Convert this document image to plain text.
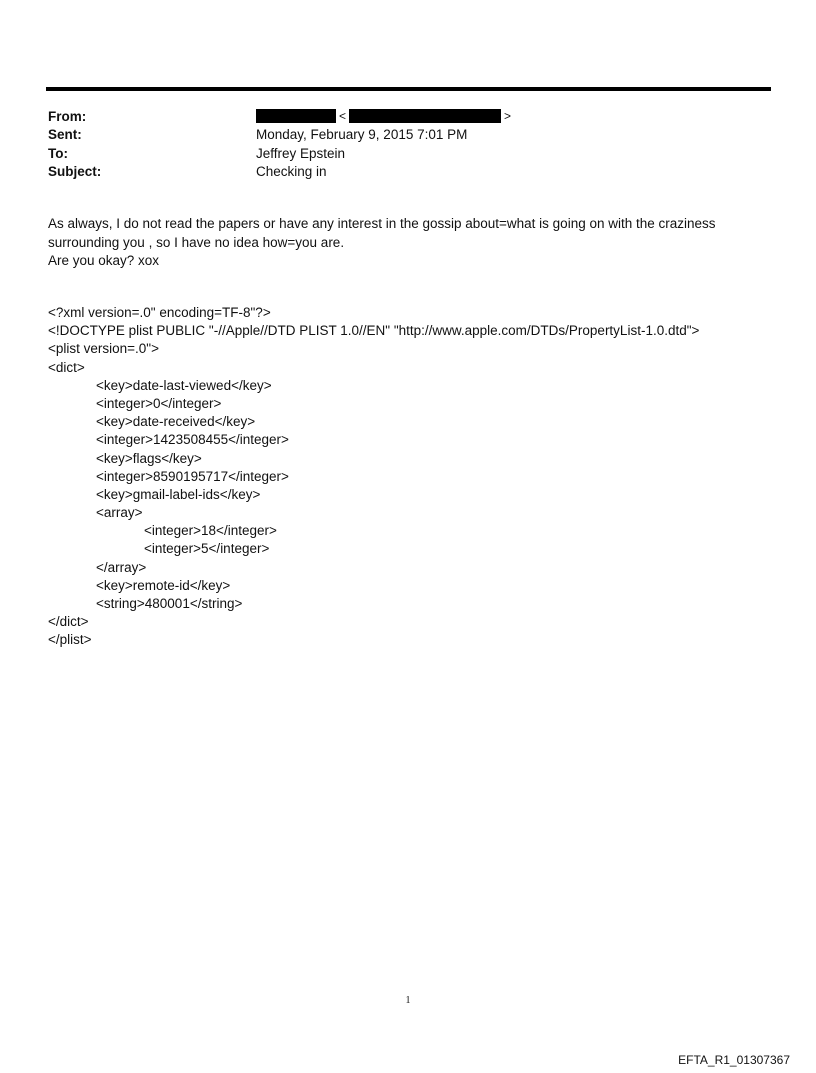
From:	<	>
Sent:	Monday, February 9, 2015 7:01 PM
To:	Jeffrey Epstein
Subject:	Checking in

As always, I do not read the papers or have any interest in the gossip about=what is going on with the craziness

surrounding you , so I have no idea how=you are.

Are you okay? xox

<?xml version=.0" encoding=TF-8"?>
<!DOCTYPE plist PUBLIC "-//Apple//DTD PLIST 1.0//EN" "http://www.apple.com/DTDs/PropertyList-1.0.dtd">
<plist version=.0">
<dict>
<key>date-last-viewed</key>
<integer>0</integer>
<key>date-received</key>
<integer>1423508455</integer>
<key>flags</key>
<integer>8590195717</integer>
<key>gmail-label-ids</key>
<array>
<integer>18</integer>
<integer>5</integer>
</array>
<key>remote-id</key>
<string>480001</string>
</dict>
</plist>
1
EFTA_R1_01307367
